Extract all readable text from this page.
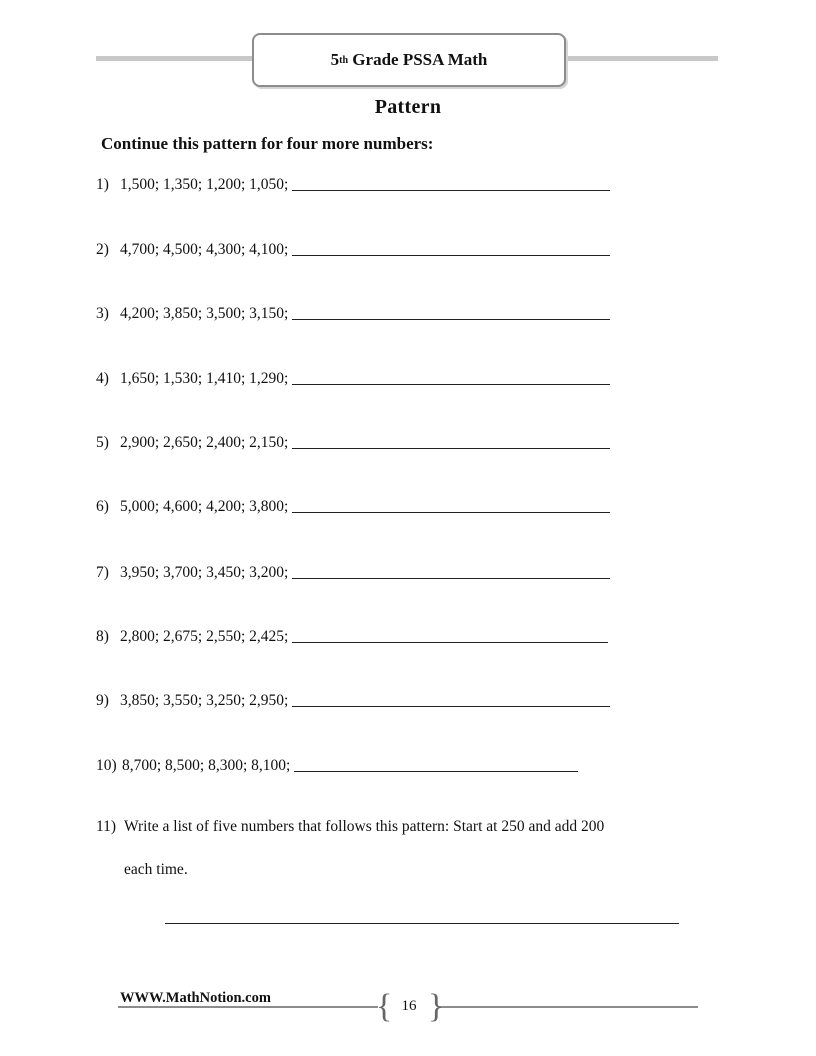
5 th Grade PSSA Math
Pattern
Continue this pattern for four more numbers:
1) 1,500; 1,350; 1,200; 1,050;
2) 4,700; 4,500; 4,300; 4,100;
3) 4,200; 3,850; 3,500; 3,150;
4) 1,650; 1,530; 1,410; 1,290;
5) 2,900; 2,650; 2,400; 2,150;
6) 5,000; 4,600; 4,200; 3,800;
7) 3,950; 3,700; 3,450; 3,200;
8) 2,800; 2,675; 2,550; 2,425;
9) 3,850; 3,550; 3,250; 2,950;
10) 8,700; 8,500; 8,300; 8,100;
11) Write a list of five numbers that follows this pattern: Start at 250 and add 200
each time.
WWW.MathNotion.com	{ }
16
